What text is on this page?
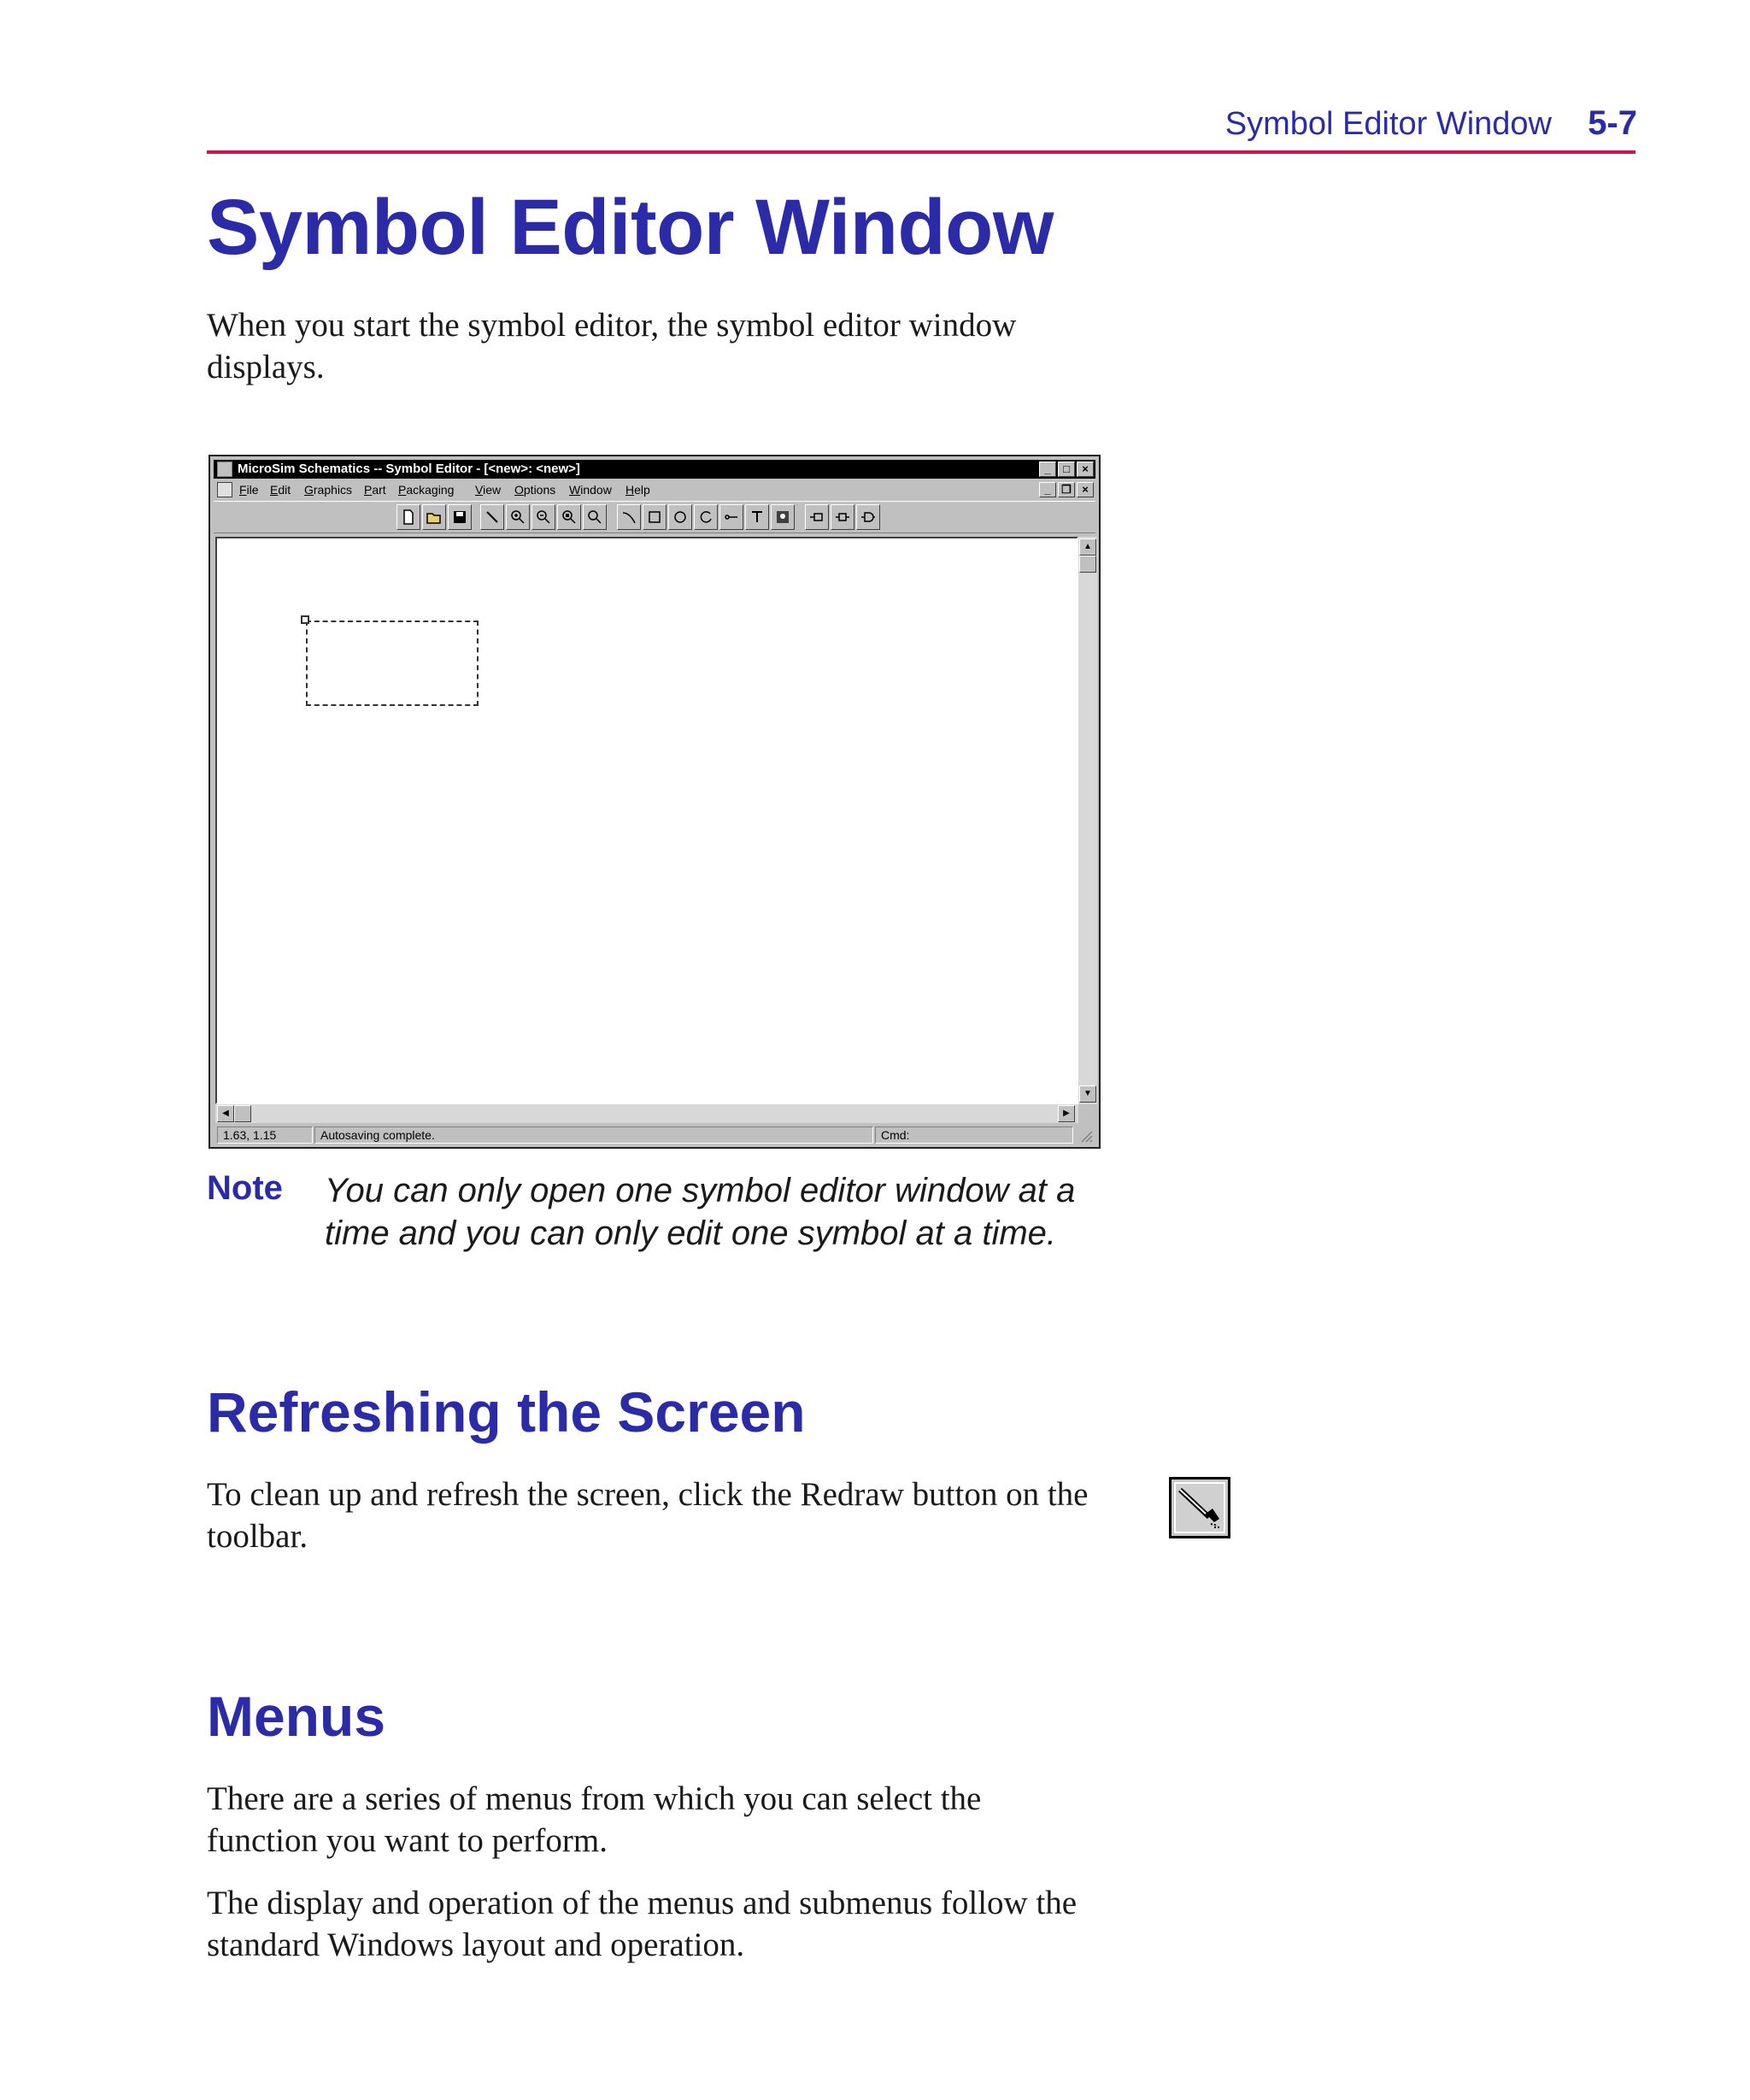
Symbol Editor Window	5-7
Symbol Editor Window

When you start the symbol editor, the symbol editor window displays.

MicroSim Schematics -- Symbol Editor - [<new>: <new>]	_	□	×
File Edit Graphics Part Packaging View Options Window Help	_ ❐ ×
▲
▼
◀	▶
1.63, 1.15	Autosaving complete.	Cmd:
Note You can only open one symbol editor window at a time and you can only edit one symbol at a time.
Refreshing the Screen

To clean up and refresh the screen, click the Redraw button on the toolbar.

Menus

There are a series of menus from which you can select the function you want to perform.

The display and operation of the menus and submenus follow the standard Windows layout and operation.
